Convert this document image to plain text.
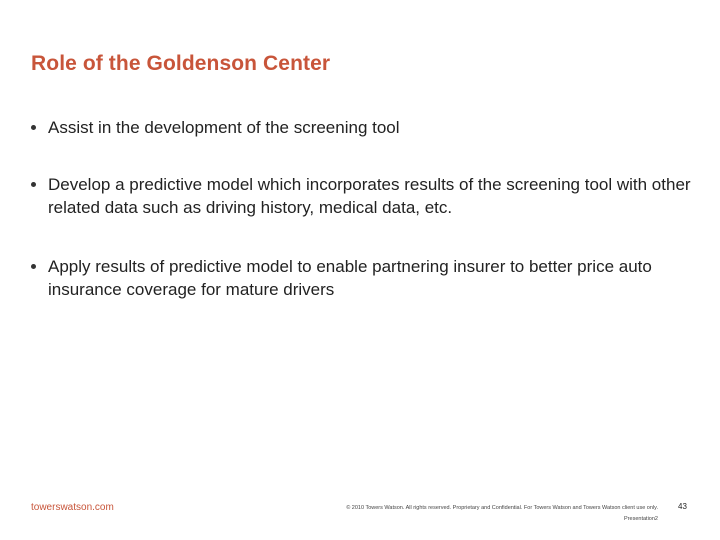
Role of the Goldenson Center
Assist in the development of the screening tool
Develop a predictive model which incorporates results of the screening tool with other related data such as driving history, medical data, etc.
Apply results of predictive model to enable partnering insurer to better price auto insurance coverage for mature drivers
towerswatson.com	© 2010 Towers Watson. All rights reserved. Proprietary and Confidential. For Towers Watson and Towers Watson client use only.
Presentation2
43
